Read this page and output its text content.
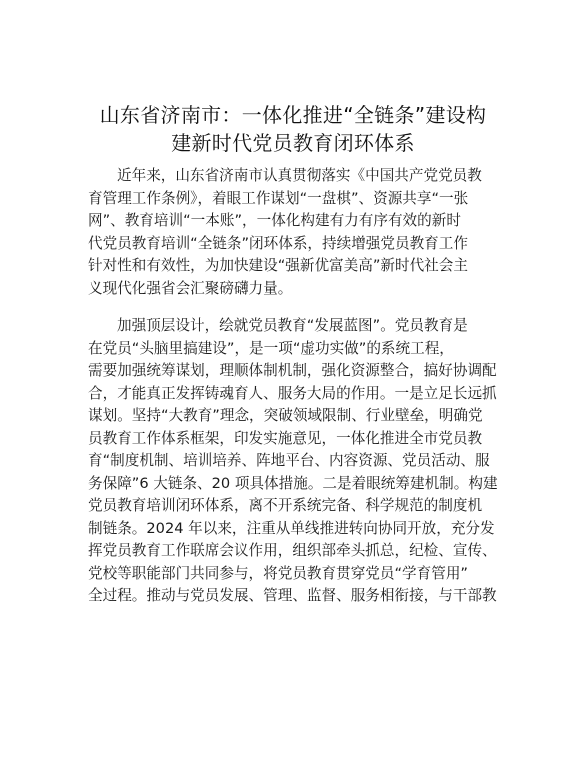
山东省济南市：一体化推进“全链条”建设构
建新时代党员教育闭环体系

近年来，山东省济南市认真贯彻落实《中国共产党党员教
育管理工作条例》，着眼工作谋划“一盘棋”、资源共享“一张
网”、教育培训“一本账”，一体化构建有力有序有效的新时
代党员教育培训“全链条”闭环体系，持续增强党员教育工作
针对性和有效性，为加快建设“强新优富美高”新时代社会主
义现代化强省会汇聚磅礴力量。

加强顶层设计，绘就党员教育“发展蓝图”。党员教育是
在党员“头脑里搞建设”，是一项“虚功实做”的系统工程，
需要加强统筹谋划，理顺体制机制，强化资源整合，搞好协调配
合，才能真正发挥铸魂育人、服务大局的作用。一是立足长远抓
谋划。坚持“大教育”理念，突破领域限制、行业壁垒，明确党
员教育工作体系框架，印发实施意见，一体化推进全市党员教
育“制度机制、培训培养、阵地平台、内容资源、党员活动、服
务保障”6 大链条、20 项具体措施。二是着眼统筹建机制。构建
党员教育培训闭环体系，离不开系统完备、科学规范的制度机
制链条。2024 年以来，注重从单线推进转向协同开放，充分发
挥党员教育工作联席会议作用，组织部牵头抓总，纪检、宣传、
党校等职能部门共同参与，将党员教育贯穿党员“学育管用”
全过程。推动与党员发展、管理、监督、服务相衔接，与干部教
